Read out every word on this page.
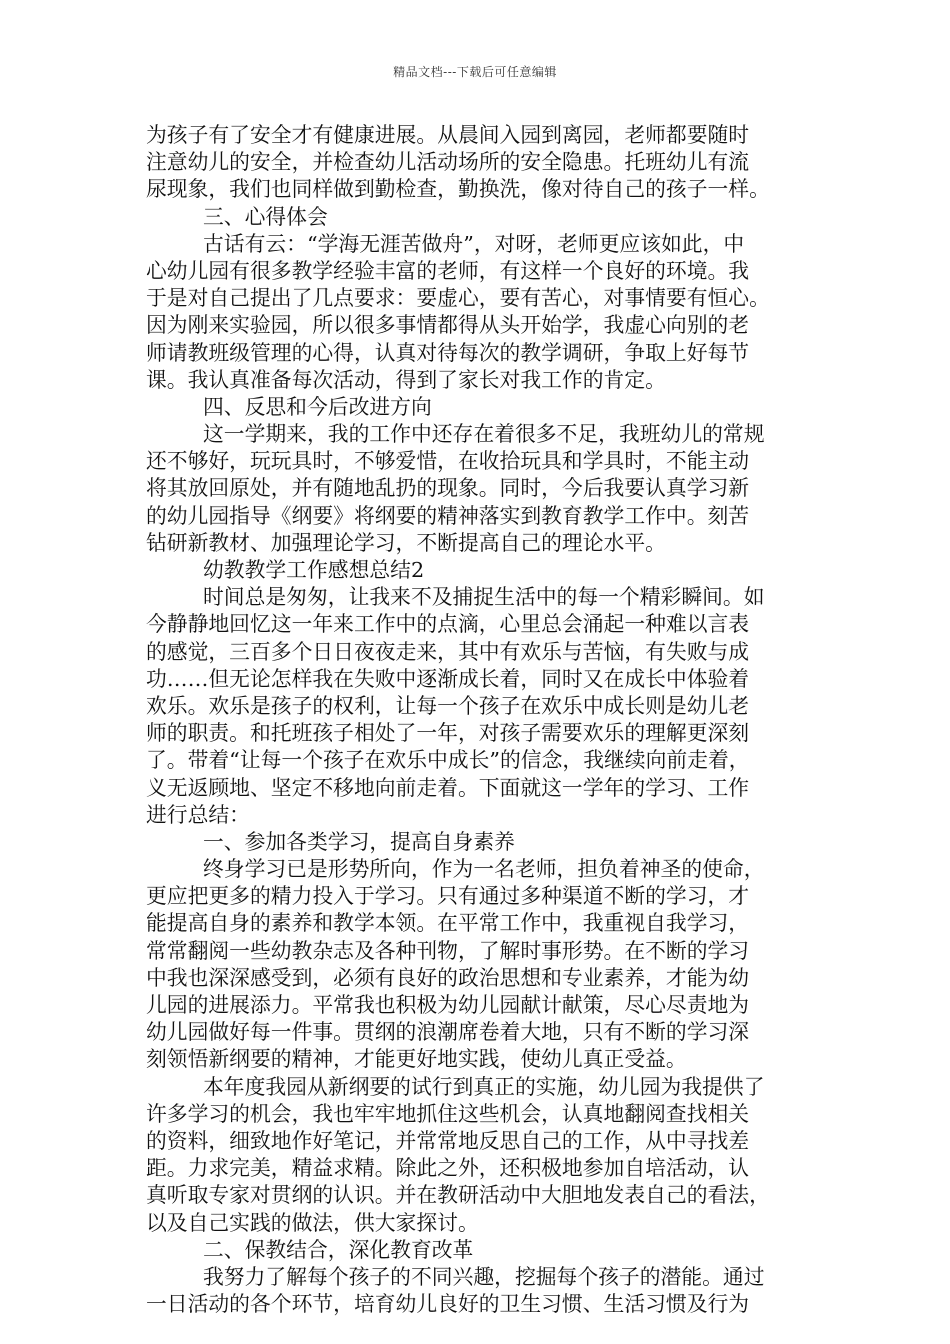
精品文档---下载后可任意编辑
为孩子有了安全才有健康进展。从晨间入园到离园，老师都要随时
注意幼儿的安全，并检查幼儿活动场所的安全隐患。托班幼儿有流
尿现象，我们也同样做到勤检查，勤换洗，像对待自己的孩子一样。
三、心得体会
古话有云：“学海无涯苦做舟”，对呀，老师更应该如此，中
心幼儿园有很多教学经验丰富的老师，有这样一个良好的环境。我
于是对自己提出了几点要求：要虚心，要有苦心，对事情要有恒心。
因为刚来实验园，所以很多事情都得从头开始学，我虚心向别的老
师请教班级管理的心得，认真对待每次的教学调研，争取上好每节
课。我认真准备每次活动，得到了家长对我工作的肯定。
四、反思和今后改进方向
这一学期来，我的工作中还存在着很多不足，我班幼儿的常规
还不够好，玩玩具时，不够爱惜，在收拾玩具和学具时，不能主动
将其放回原处，并有随地乱扔的现象。同时，今后我要认真学习新
的幼儿园指导《纲要》将纲要的精神落实到教育教学工作中。刻苦
钻研新教材、加强理论学习，不断提高自己的理论水平。
幼教教学工作感想总结2
时间总是匆匆，让我来不及捕捉生活中的每一个精彩瞬间。如
今静静地回忆这一年来工作中的点滴，心里总会涌起一种难以言表
的感觉，三百多个日日夜夜走来，其中有欢乐与苦恼，有失败与成
功……但无论怎样我在失败中逐渐成长着，同时又在成长中体验着
欢乐。欢乐是孩子的权利，让每一个孩子在欢乐中成长则是幼儿老
师的职责。和托班孩子相处了一年，对孩子需要欢乐的理解更深刻
了。带着“让每一个孩子在欢乐中成长”的信念，我继续向前走着，
义无返顾地、坚定不移地向前走着。下面就这一学年的学习、工作
进行总结：
一、参加各类学习，提高自身素养
终身学习已是形势所向，作为一名老师，担负着神圣的使命，
更应把更多的精力投入于学习。只有通过多种渠道不断的学习，才
能提高自身的素养和教学本领。在平常工作中，我重视自我学习，
常常翻阅一些幼教杂志及各种刊物，了解时事形势。在不断的学习
中我也深深感受到，必须有良好的政治思想和专业素养，才能为幼
儿园的进展添力。平常我也积极为幼儿园献计献策，尽心尽责地为
幼儿园做好每一件事。贯纲的浪潮席卷着大地，只有不断的学习深
刻领悟新纲要的精神，才能更好地实践，使幼儿真正受益。
本年度我园从新纲要的试行到真正的实施，幼儿园为我提供了
许多学习的机会，我也牢牢地抓住这些机会，认真地翻阅查找相关
的资料，细致地作好笔记，并常常地反思自己的工作，从中寻找差
距。力求完美，精益求精。除此之外，还积极地参加自培活动，认
真听取专家对贯纲的认识。并在教研活动中大胆地发表自己的看法，
以及自己实践的做法，供大家探讨。
二、保教结合，深化教育改革
我努力了解每个孩子的不同兴趣，挖掘每个孩子的潜能。通过
一日活动的各个环节，培育幼儿良好的卫生习惯、生活习惯及行为
